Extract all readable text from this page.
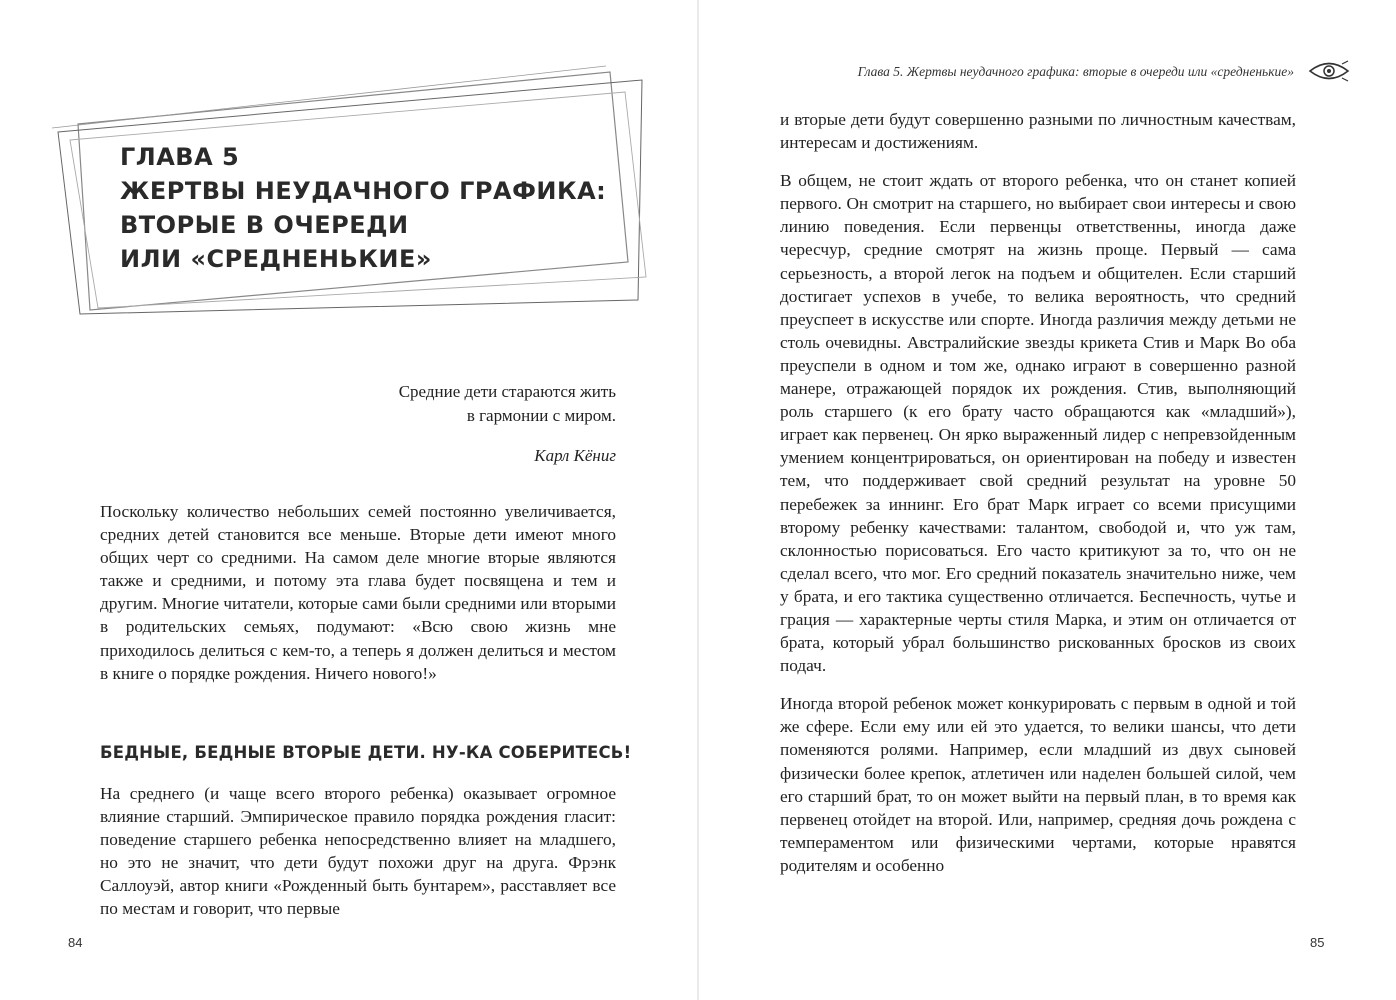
ГЛАВА 5
ЖЕРТВЫ НЕУДАЧНОГО ГРАФИКА:
ВТОРЫЕ В ОЧЕРЕДИ
ИЛИ «СРЕДНЕНЬКИЕ»
Средние дети стараются жить
в гармонии с миром.
Карл Кёниг

Поскольку количество небольших семей постоянно увеличивается, средних детей становится все меньше. Вторые дети имеют много общих черт со средними. На самом деле многие вторые являются также и средними, и потому эта глава будет посвящена и тем и другим. Многие читатели, которые сами были средними или вторыми в родительских семьях, подумают: «Всю свою жизнь мне приходилось делиться с кем-то, а теперь я должен делиться и местом в книге о порядке рождения. Ничего нового!»

БЕДНЫЕ, БЕДНЫЕ ВТОРЫЕ ДЕТИ. НУ-КА СОБЕРИТЕСЬ!

На среднего (и чаще всего второго ребенка) оказывает огромное влияние старший. Эмпирическое правило порядка рождения гласит: поведение старшего ребенка непосредственно влияет на младшего, но это не значит, что дети будут похожи друг на друга. Фрэнк Саллоуэй, автор книги «Рожденный быть бунтарем», расставляет все по местам и говорит, что первые

84
Глава 5. Жертвы неудачного графика: вторые в очереди или «средненькие»

и вторые дети будут совершенно разными по личностным качествам, интересам и достижениям.

В общем, не стоит ждать от второго ребенка, что он станет копией первого. Он смотрит на старшего, но выбирает свои интересы и свою линию поведения. Если первенцы ответственны, иногда даже чересчур, средние смотрят на жизнь проще. Первый — сама серьезность, а второй легок на подъем и общителен. Если старший достигает успехов в учебе, то велика вероятность, что средний преуспеет в искусстве или спорте. Иногда различия между детьми не столь очевидны. Австралийские звезды крикета Стив и Марк Во оба преуспели в одном и том же, однако играют в совершенно разной манере, отражающей порядок их рождения. Стив, выполняющий роль старшего (к его брату часто обращаются как «младший»), играет как первенец. Он ярко выраженный лидер с непревзойденным умением концентрироваться, он ориентирован на победу и известен тем, что поддерживает свой средний результат на уровне 50 перебежек за иннинг. Его брат Марк играет со всеми присущими второму ребенку качествами: талантом, свободой и, что уж там, склонностью порисоваться. Его часто критикуют за то, что он не сделал всего, что мог. Его средний показатель значительно ниже, чем у брата, и его тактика существенно отличается. Беспечность, чутье и грация — характерные черты стиля Марка, и этим он отличается от брата, который убрал большинство рискованных бросков из своих подач.

Иногда второй ребенок может конкурировать с первым в одной и той же сфере. Если ему или ей это удается, то велики шансы, что дети поменяются ролями. Например, если младший из двух сыновей физически более крепок, атлетичен или наделен большей силой, чем его старший брат, то он может выйти на первый план, в то время как первенец отойдет на второй. Или, например, средняя дочь рождена с темпераментом или физическими чертами, которые нравятся родителям и особенно

85
